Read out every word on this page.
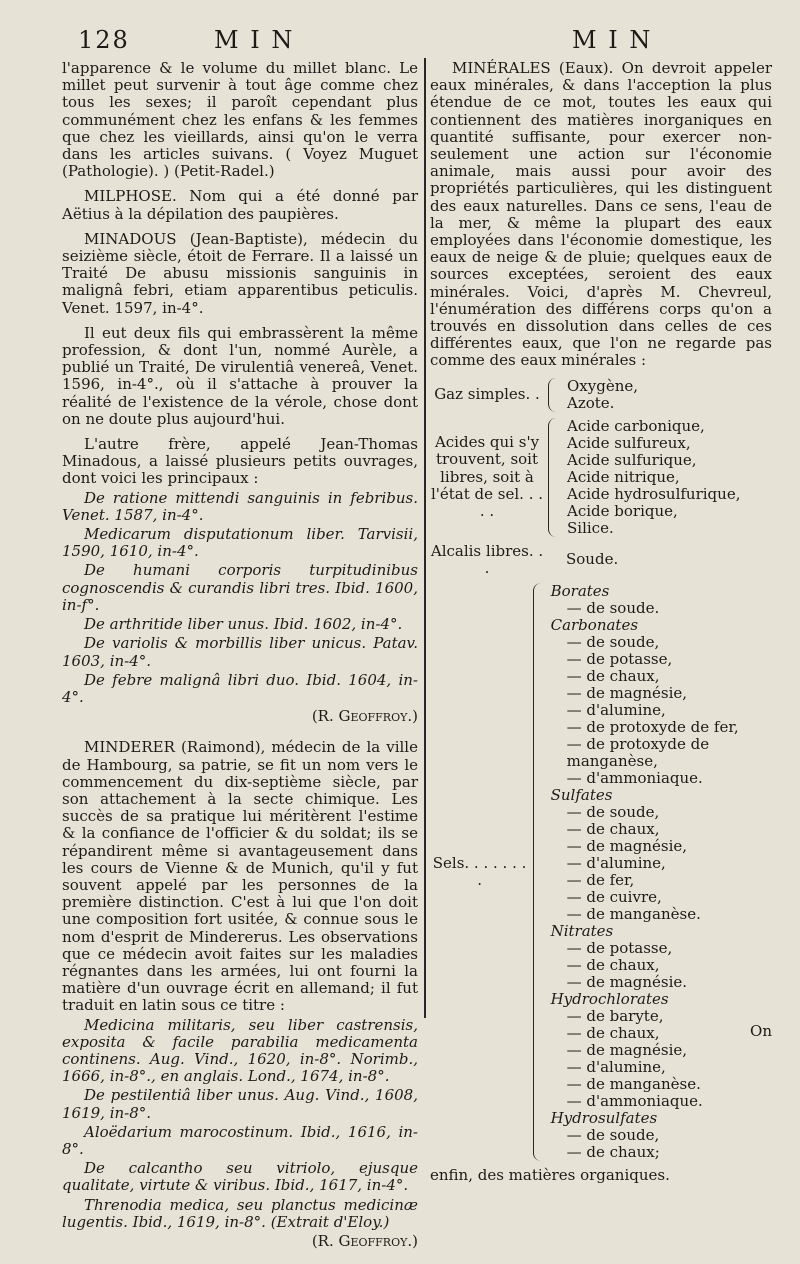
128	M I N	M I N

l'apparence & le volume du millet blanc. Le millet peut survenir à tout âge comme chez tous les sexes; il paroît cependant plus communément chez les enfans & les femmes que chez les vieillards, ainsi qu'on le verra dans les articles suivans. ( Voyez Muguet (Pathologie). ) (Petit-Radel.)

MILPHOSE. Nom qui a été donné par Aëtius à la dépilation des paupières.

MINADOUS (Jean-Baptiste), médecin du seizième siècle, étoit de Ferrare. Il a laissé un Traité De abusu missionis sanguinis in malignâ febri, etiam apparentibus peticulis. Venet. 1597, in-4°.

Il eut deux fils qui embrassèrent la même profession, & dont l'un, nommé Aurèle, a publié un Traité, De virulentiâ venereâ, Venet. 1596, in-4°., où il s'attache à prouver la réalité de l'existence de la vérole, chose dont on ne doute plus aujourd'hui.

L'autre frère, appelé Jean-Thomas Minadous, a laissé plusieurs petits ouvrages, dont voici les principaux :

De ratione mittendi sanguinis in febribus. Venet. 1587, in-4°.

Medicarum disputationum liber. Tarvisii, 1590, 1610, in-4°.

De humani corporis turpitudinibus cognoscendis & curandis libri tres. Ibid. 1600, in-f°.

De arthritide liber unus. Ibid. 1602, in-4°.

De variolis & morbillis liber unicus. Patav. 1603, in-4°.

De febre malignâ libri duo. Ibid. 1604, in-4°.

(R. Geoffroy.)

MINDERER (Raimond), médecin de la ville de Hambourg, sa patrie, se fit un nom vers le commencement du dix-septième siècle, par son attachement à la secte chimique. Les succès de sa pratique lui méritèrent l'estime & la confiance de l'officier & du soldat; ils se répandirent même si avantageusement dans les cours de Vienne & de Munich, qu'il y fut souvent appelé par les personnes de la première distinction. C'est à lui que l'on doit une composition fort usitée, & connue sous le nom d'esprit de Mindererus. Les observations que ce médecin avoit faites sur les maladies régnantes dans les armées, lui ont fourni la matière d'un ouvrage écrit en allemand; il fut traduit en latin sous ce titre :

Medicina militaris, seu liber castrensis, exposita & facile parabilia medicamenta continens. Aug. Vind., 1620, in-8°. Norimb., 1666, in-8°., en anglais. Lond., 1674, in-8°.

De pestilentiâ liber unus. Aug. Vind., 1608, 1619, in-8°.

Aloëdarium marocostinum. Ibid., 1616, in-8°.

De calcantho seu vitriolo, ejusque qualitate, virtute & viribus. Ibid., 1617, in-4°.

Threnodia medica, seu planctus medicinæ lugentis. Ibid., 1619, in-8°. (Extrait d'Eloy.)

(R. Geoffroy.)

MINÉRALES (Eaux). On devroit appeler eaux minérales, & dans l'acception la plus étendue de ce mot, toutes les eaux qui contiennent des matières inorganiques en quantité suffisante, pour exercer non-seulement une action sur l'économie animale, mais aussi pour avoir des propriétés particulières, qui les distinguent des eaux naturelles. Dans ce sens, l'eau de la mer, & même la plupart des eaux employées dans l'économie domestique, les eaux de neige & de pluie; quelques eaux de sources exceptées, seroient des eaux minérales. Voici, d'après M. Chevreul, l'énumération des différens corps qu'on a trouvés en dissolution dans celles de ces différentes eaux, que l'on ne regarde pas comme des eaux minérales :

Gaz simples. .	Oxygène,
Azote.
Acides qui s'y trouvent, soit libres, soit à l'état de sel. . . . .
Acide carbonique,
Acide sulfureux,
Acide sulfurique,
Acide nitrique,
Acide hydrosulfurique,
Acide borique,
Silice.
Alcalis libres. . .	Soude.
Sels. . . . . . . .
Borates
— de soude.
Carbonates
— de soude,
— de potasse,
— de chaux,
— de magnésie,
— d'alumine,
— de protoxyde de fer,
— de protoxyde de manganèse,
— d'ammoniaque.
Sulfates
— de soude,
— de chaux,
— de magnésie,
— d'alumine,
— de fer,
— de cuivre,
— de manganèse.
Nitrates
— de potasse,
— de chaux,
— de magnésie.
Hydrochlorates
— de baryte,
— de chaux,
— de magnésie,
— d'alumine,
— de manganèse.
— d'ammoniaque.
Hydrosulfates
— de soude,
— de chaux;
enfin, des matières organiques.
On
